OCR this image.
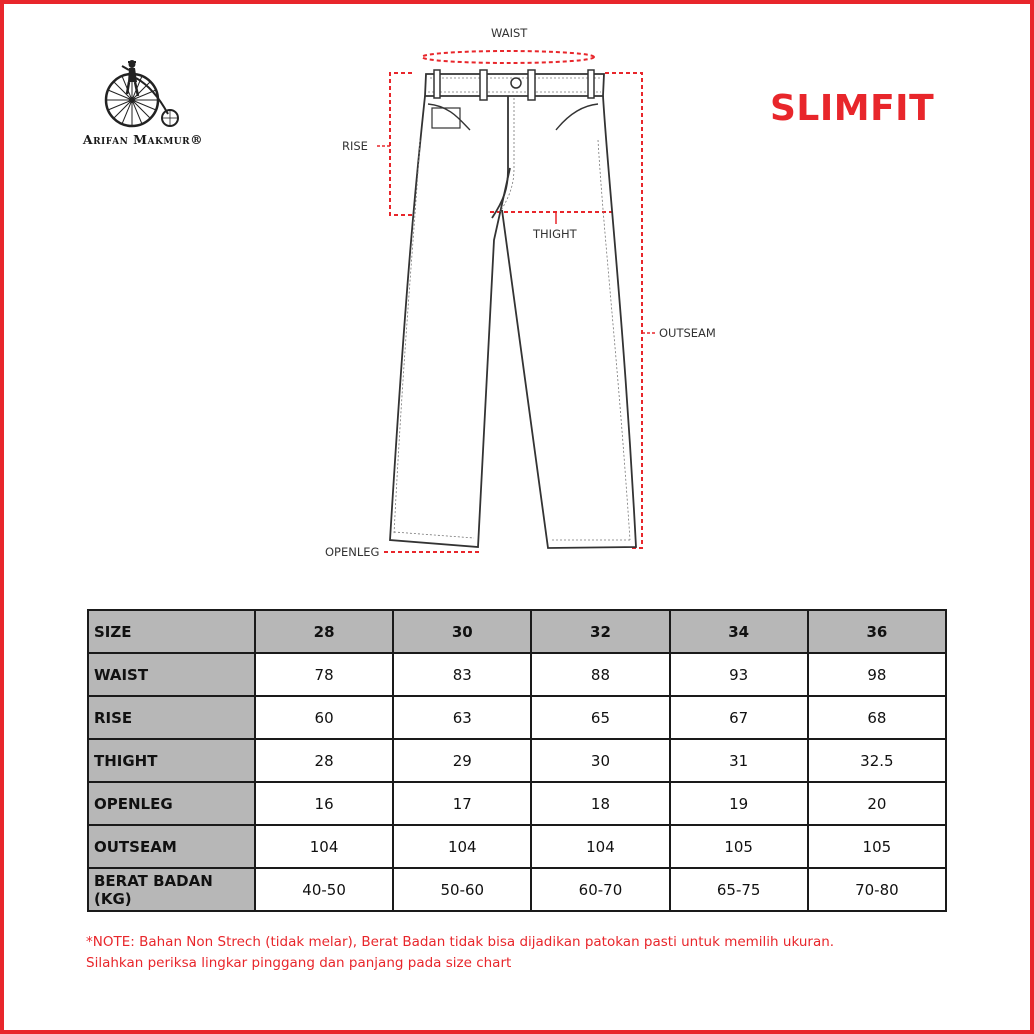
Arifan Makmur®
SLIMFIT
WAIST
RISE
THIGHT
OUTSEAM
OPENLEG
SIZE	28	30	32	34	36
WAIST	78	83	88	93	98
RISE	60	63	65	67	68
THIGHT	28	29	30	31	32.5
OPENLEG	16	17	18	19	20
OUTSEAM	104	104	104	105	105
BERAT BADAN (KG)	40-50	50-60	60-70	65-75	70-80
*NOTE: Bahan Non Strech (tidak melar), Berat Badan tidak bisa dijadikan patokan pasti untuk memilih ukuran.
Silahkan periksa lingkar pinggang dan panjang pada size chart
